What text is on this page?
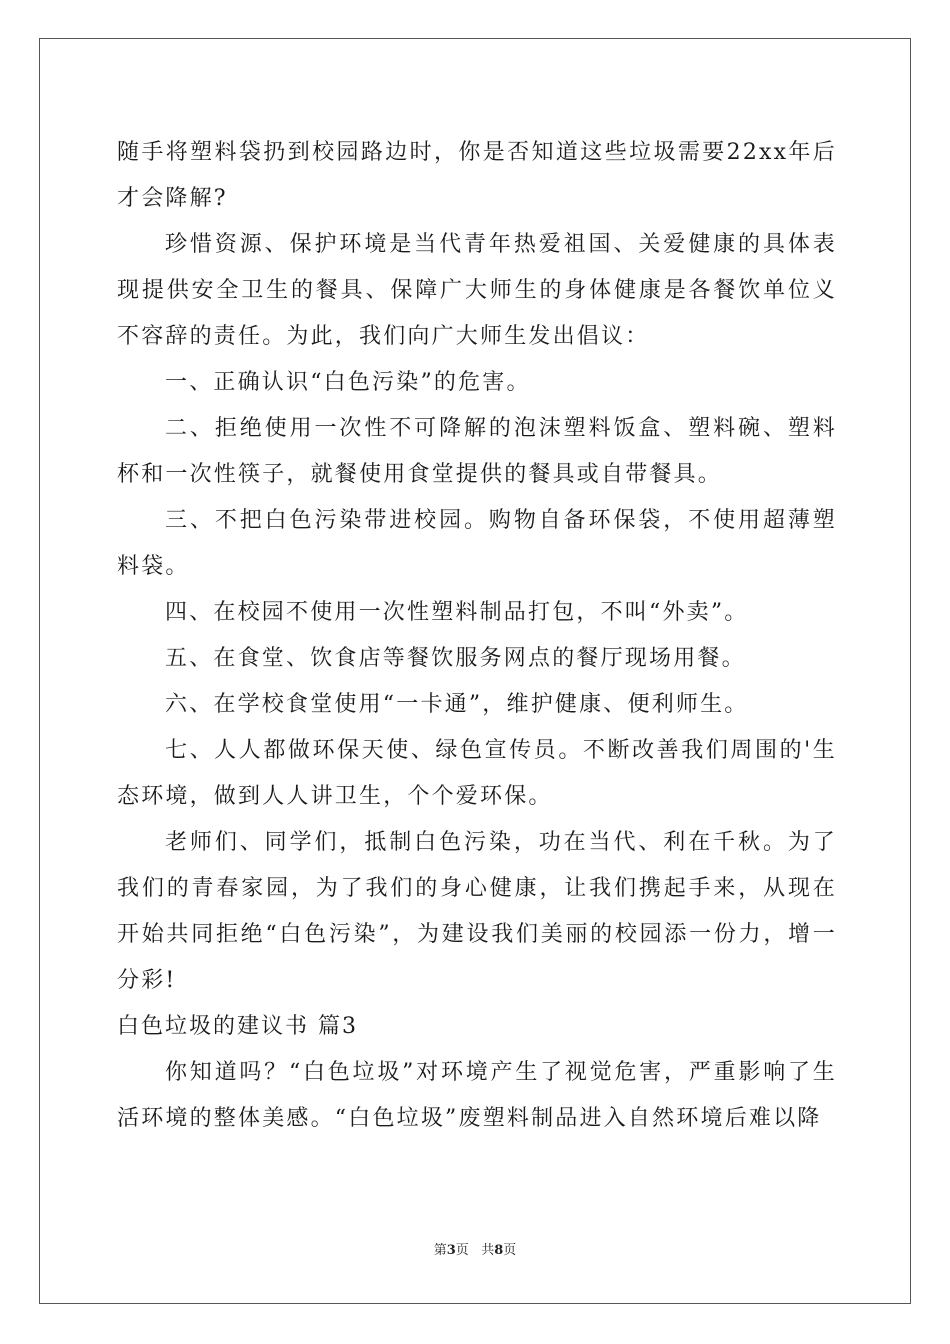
随手将塑料袋扔到校园路边时，你是否知道这些垃圾需要22xx年后才会降解?

珍惜资源、保护环境是当代青年热爱祖国、关爱健康的具体表现提供安全卫生的餐具、保障广大师生的身体健康是各餐饮单位义不容辞的责任。为此，我们向广大师生发出倡议：

一、正确认识“白色污染”的危害。

二、拒绝使用一次性不可降解的泡沫塑料饭盒、塑料碗、塑料杯和一次性筷子，就餐使用食堂提供的餐具或自带餐具。

三、不把白色污染带进校园。购物自备环保袋，不使用超薄塑料袋。

四、在校园不使用一次性塑料制品打包，不叫“外卖”。

五、在食堂、饮食店等餐饮服务网点的餐厅现场用餐。

六、在学校食堂使用“一卡通”，维护健康、便利师生。

七、人人都做环保天使、绿色宣传员。不断改善我们周围的'生态环境，做到人人讲卫生，个个爱环保。

老师们、同学们，抵制白色污染，功在当代、利在千秋。为了我们的青春家园，为了我们的身心健康，让我们携起手来，从现在开始共同拒绝“白色污染”，为建设我们美丽的校园添一份力，增一分彩!

白色垃圾的建议书 篇3

你知道吗？“白色垃圾”对环境产生了视觉危害，严重影响了生活环境的整体美感。“白色垃圾”废塑料制品进入自然环境后难以降

第3页 共8页
